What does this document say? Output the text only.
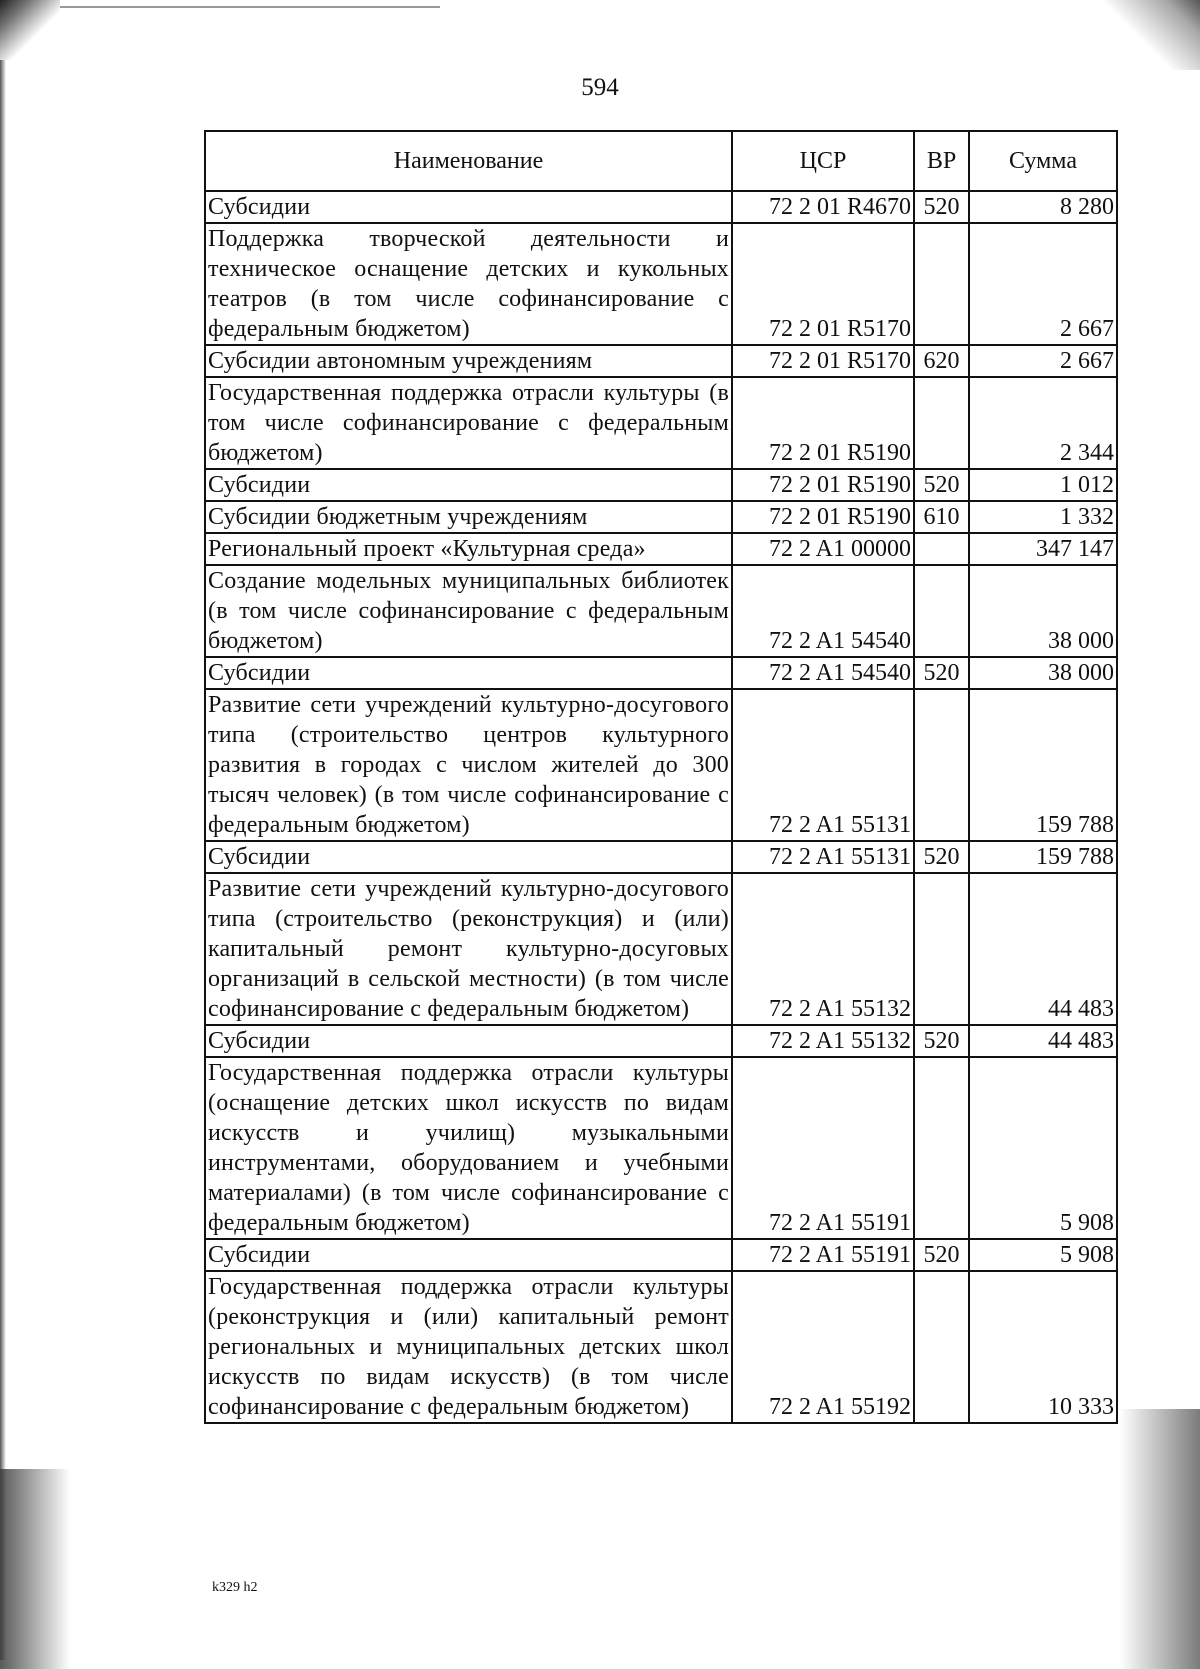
594
Наименование	ЦСР	ВР	Сумма
Субсидии	72 2 01 R4670	520	8 280
Поддержка творческой деятельности и техническое оснащение детских и кукольных театров (в том числе софинансирование с федеральным бюджетом)	72 2 01 R5170		2 667
Субсидии автономным учреждениям	72 2 01 R5170	620	2 667
Государственная поддержка отрасли культуры (в том числе софинансирование с федеральным бюджетом)	72 2 01 R5190		2 344
Субсидии	72 2 01 R5190	520	1 012
Субсидии бюджетным учреждениям	72 2 01 R5190	610	1 332
Региональный проект «Культурная среда»	72 2 A1 00000		347 147
Создание модельных муниципальных библиотек (в том числе софинансирование с федеральным бюджетом)	72 2 A1 54540		38 000
Субсидии	72 2 A1 54540	520	38 000
Развитие сети учреждений культурно-досугового типа (строительство центров культурного развития в городах с числом жителей до 300 тысяч человек) (в том числе софинансирование с федеральным бюджетом)	72 2 A1 55131		159 788
Субсидии	72 2 A1 55131	520	159 788
Развитие сети учреждений культурно-досугового типа (строительство (реконструкция) и (или) капитальный ремонт культурно-досуговых организаций в сельской местности) (в том числе софинансирование с федеральным бюджетом)	72 2 A1 55132		44 483
Субсидии	72 2 A1 55132	520	44 483
Государственная поддержка отрасли культуры (оснащение детских школ искусств по видам искусств и училищ) музыкальными инструментами, оборудованием и учебными материалами) (в том числе софинансирование с федеральным бюджетом)	72 2 A1 55191		5 908
Субсидии	72 2 A1 55191	520	5 908
Государственная поддержка отрасли культуры (реконструкция и (или) капитальный ремонт региональных и муниципальных детских школ искусств по видам искусств) (в том числе софинансирование с федеральным бюджетом)	72 2 A1 55192		10 333
k329 h2
